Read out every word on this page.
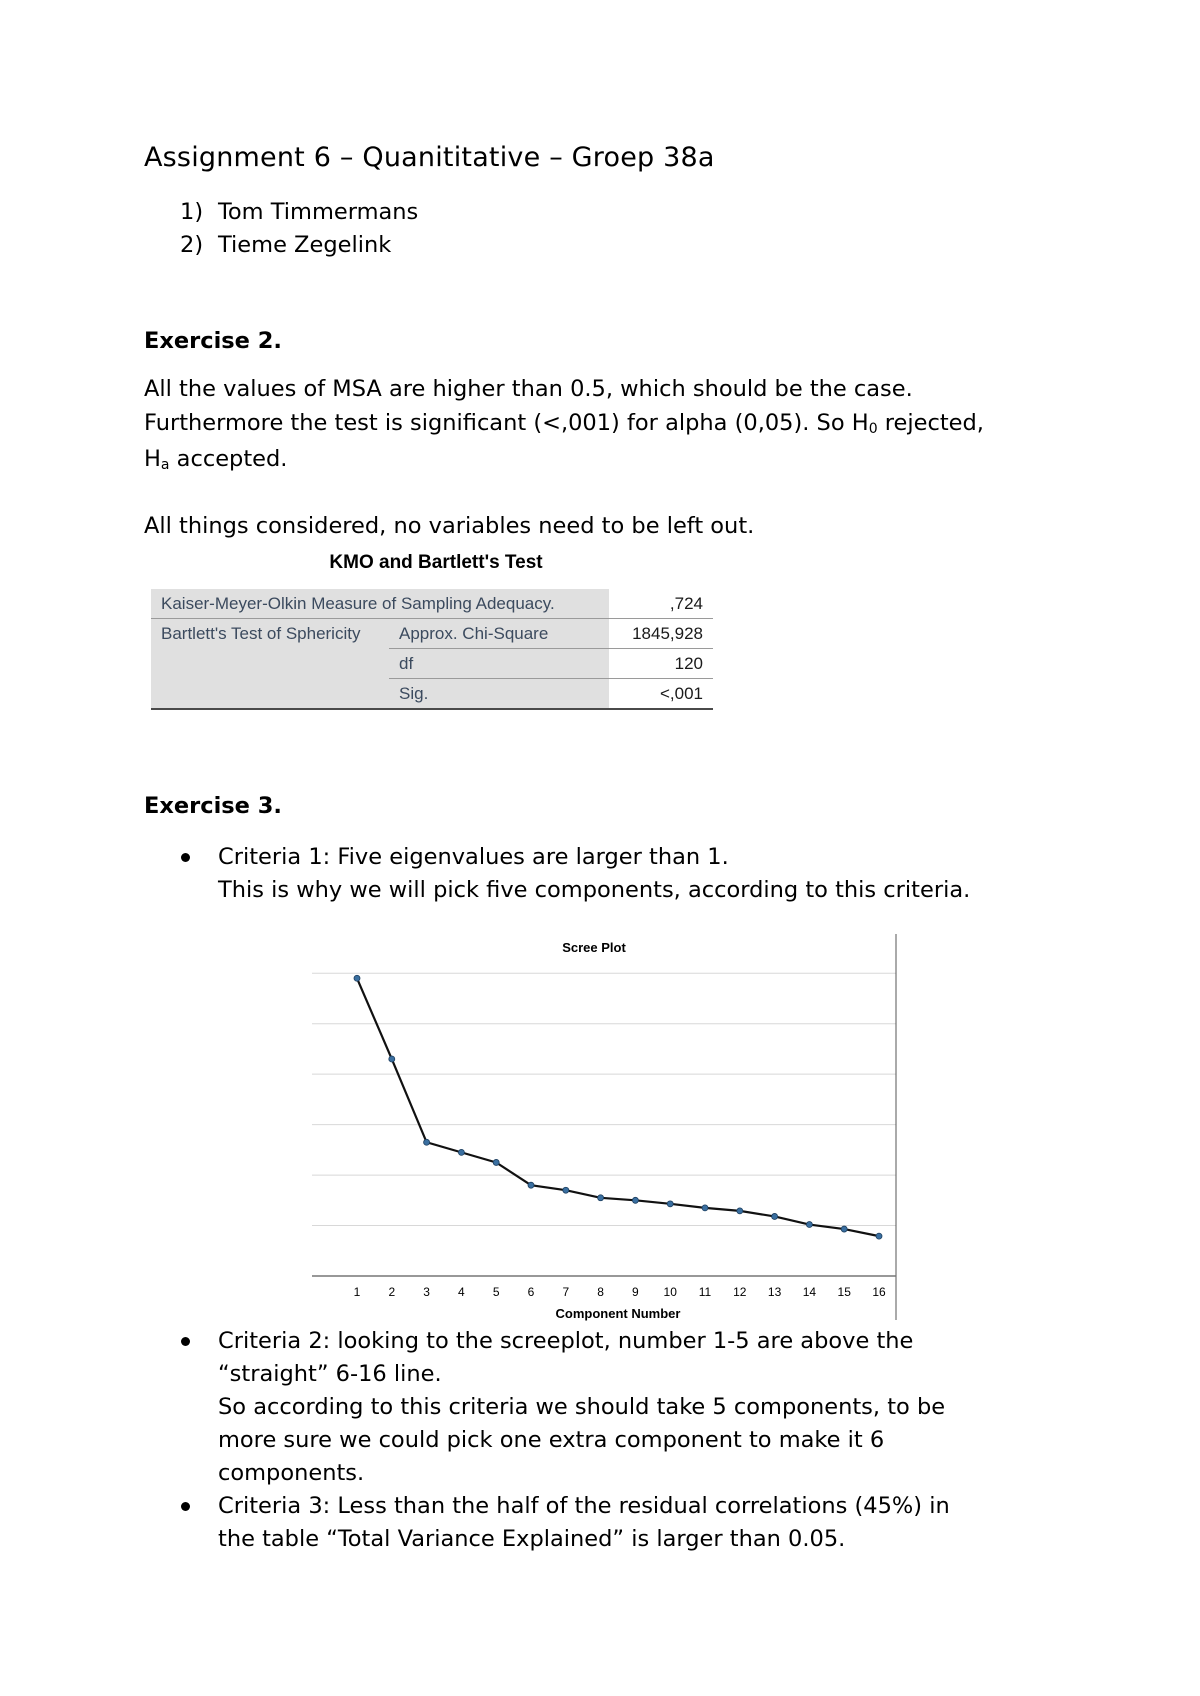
Assignment 6 – Quanititative – Groep 38a
1) Tom Timmermans
2) Tieme Zegelink
Exercise 2.
All the values of MSA are higher than 0.5, which should be the case.
Furthermore the test is significant (<,001) for alpha (0,05). So $H_0$ rejected,
$H_a$ accepted.
All things considered, no variables need to be left out.
KMO and Bartlett's Test
Kaiser-Meyer-Olkin Measure of Sampling Adequacy.		,724
Bartlett's Test of Sphericity	Approx. Chi-Square	1845,928
	df	120
	Sig.	<,001
Exercise 3.
Criteria 1: Five eigenvalues are larger than 1.
This is why we will pick five components, according to this criteria.
Scree Plot
1 2 3 4 5 6 7 8 9 10 11 12 13 14 15 16
Component Number
Criteria 2: looking to the screeplot, number 1-5 are above the
“straight” 6-16 line.
So according to this criteria we should take 5 components, to be
more sure we could pick one extra component to make it 6
components.
Criteria 3: Less than the half of the residual correlations (45%) in
the table “Total Variance Explained” is larger than 0.05.
